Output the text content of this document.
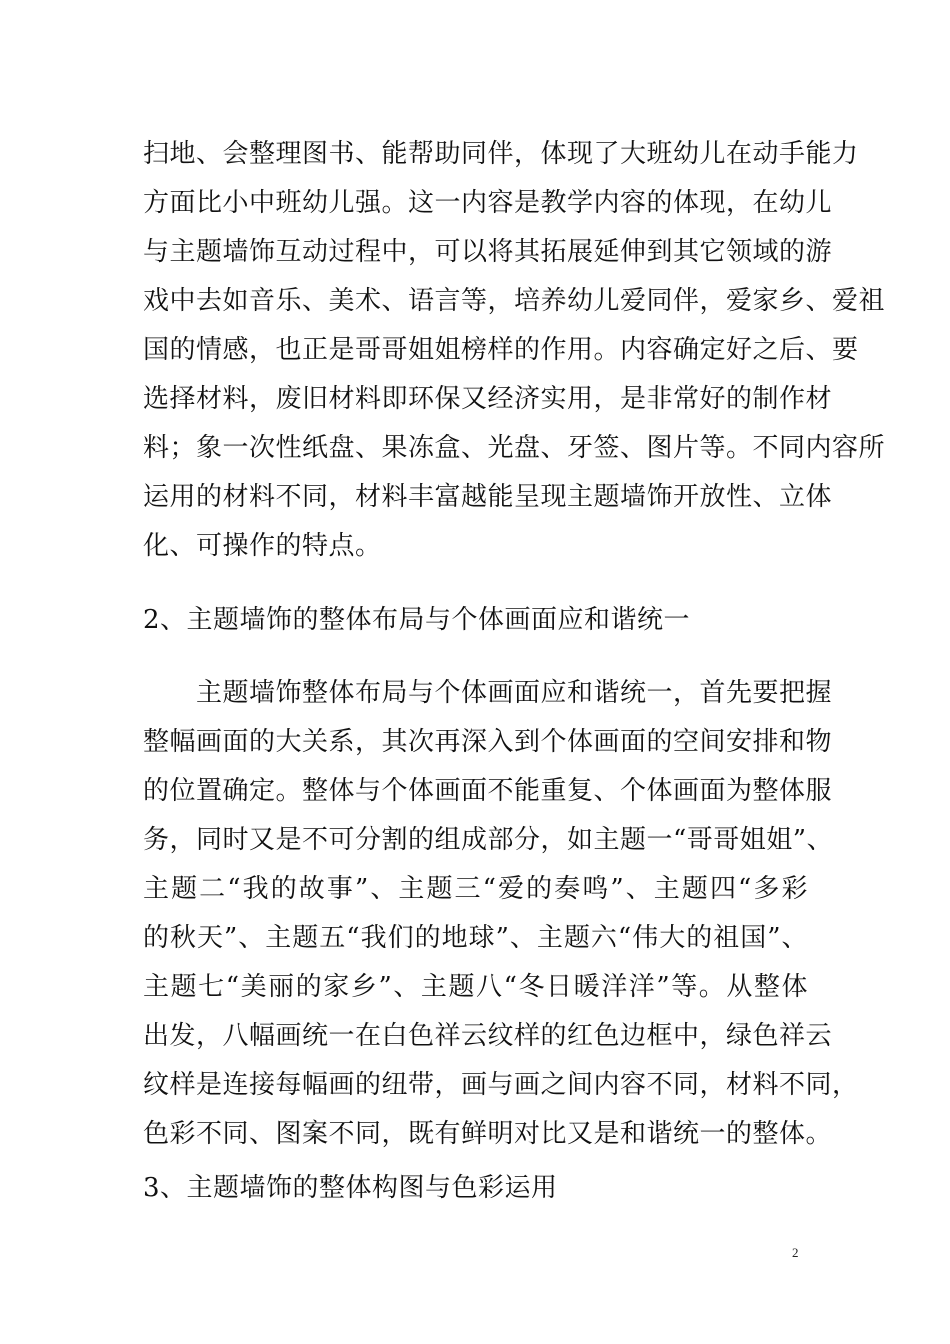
扫地、会整理图书、能帮助同伴，体现了大班幼儿在动手能力
方面比小中班幼儿强。这一内容是教学内容的体现，在幼儿
与主题墙饰互动过程中，可以将其拓展延伸到其它领域的游
戏中去如音乐、美术、语言等，培养幼儿爱同伴，爱家乡、爱祖
国的情感，也正是哥哥姐姐榜样的作用。内容确定好之后、要
选择材料，废旧材料即环保又经济实用，是非常好的制作材
料；象一次性纸盘、果冻盒、光盘、牙签、图片等。不同内容所
运用的材料不同，材料丰富越能呈现主题墙饰开放性、立体
化、可操作的特点。
2、主题墙饰的整体布局与个体画面应和谐统一
主题墙饰整体布局与个体画面应和谐统一，首先要把握
整幅画面的大关系，其次再深入到个体画面的空间安排和物
的位置确定。整体与个体画面不能重复、个体画面为整体服
务，同时又是不可分割的组成部分，如主题一“哥哥姐姐”、
主题二“我的故事”、主题三“爱的奏鸣”、主题四“多彩
的秋天”、主题五“我们的地球”、主题六“伟大的祖国”、
主题七“美丽的家乡”、主题八“冬日暖洋洋”等。从整体
出发，八幅画统一在白色祥云纹样的红色边框中，绿色祥云
纹样是连接每幅画的纽带，画与画之间内容不同，材料不同，
色彩不同、图案不同，既有鲜明对比又是和谐统一的整体。
3、主题墙饰的整体构图与色彩运用
2
